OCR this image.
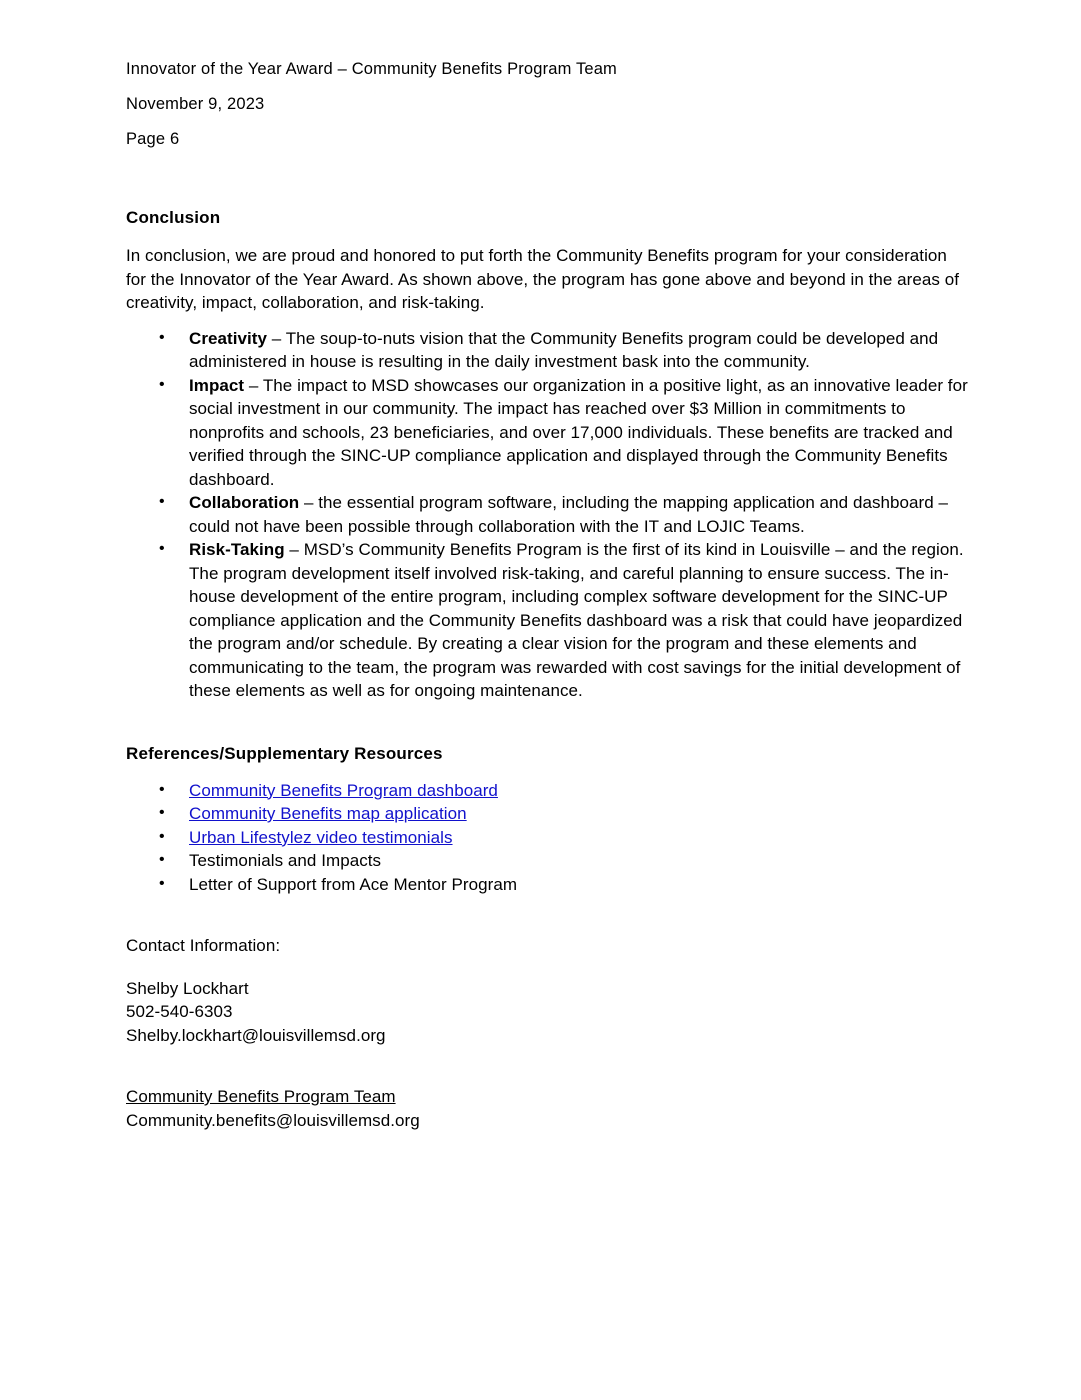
Innovator of the Year Award – Community Benefits Program Team

November 9, 2023

Page 6

Conclusion

In conclusion, we are proud and honored to put forth the Community Benefits program for your consideration for the Innovator of the Year Award. As shown above, the program has gone above and beyond in the areas of creativity, impact, collaboration, and risk-taking.

• Creativity – The soup-to-nuts vision that the Community Benefits program could be developed and administered in house is resulting in the daily investment bask into the community.
• Impact – The impact to MSD showcases our organization in a positive light, as an innovative leader for social investment in our community. The impact has reached over $3 Million in commitments to nonprofits and schools, 23 beneficiaries, and over 17,000 individuals. These benefits are tracked and verified through the SINC-UP compliance application and displayed through the Community Benefits dashboard.
• Collaboration – the essential program software, including the mapping application and dashboard – could not have been possible through collaboration with the IT and LOJIC Teams.
• Risk-Taking – MSD’s Community Benefits Program is the first of its kind in Louisville – and the region. The program development itself involved risk-taking, and careful planning to ensure success. The in-house development of the entire program, including complex software development for the SINC-UP compliance application and the Community Benefits dashboard was a risk that could have jeopardized the program and/or schedule. By creating a clear vision for the program and these elements and communicating to the team, the program was rewarded with cost savings for the initial development of these elements as well as for ongoing maintenance.
References/Supplementary Resources
• Community Benefits Program dashboard
• Community Benefits map application
• Urban Lifestylez video testimonials
• Testimonials and Impacts
• Letter of Support from Ace Mentor Program

Contact Information:

Shelby Lockhart

502-540-6303

Shelby.lockhart@louisvillemsd.org

Community Benefits Program Team

Community.benefits@louisvillemsd.org
